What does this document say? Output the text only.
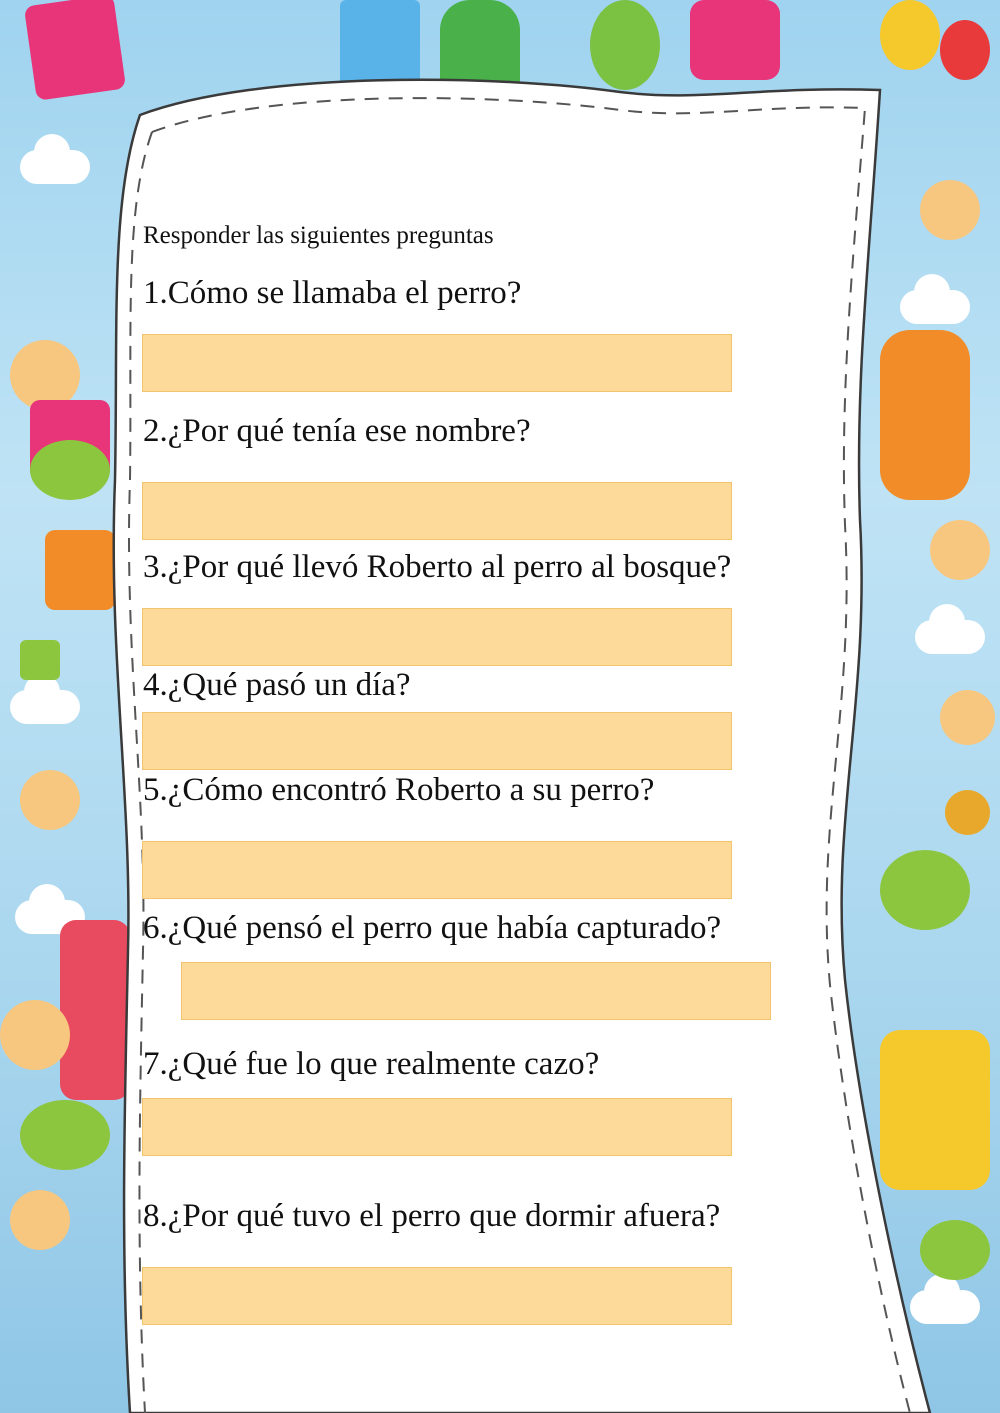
Responder las siguientes preguntas
1.Cómo se llamaba el perro?
2.¿Por qué tenía ese nombre?
3.¿Por qué llevó Roberto al perro al bosque?
4.¿Qué pasó un día?
5.¿Cómo encontró Roberto a su perro?
6.¿Qué pensó el perro que había capturado?
7.¿Qué fue lo que realmente cazo?
8.¿Por qué tuvo el perro que dormir afuera?
